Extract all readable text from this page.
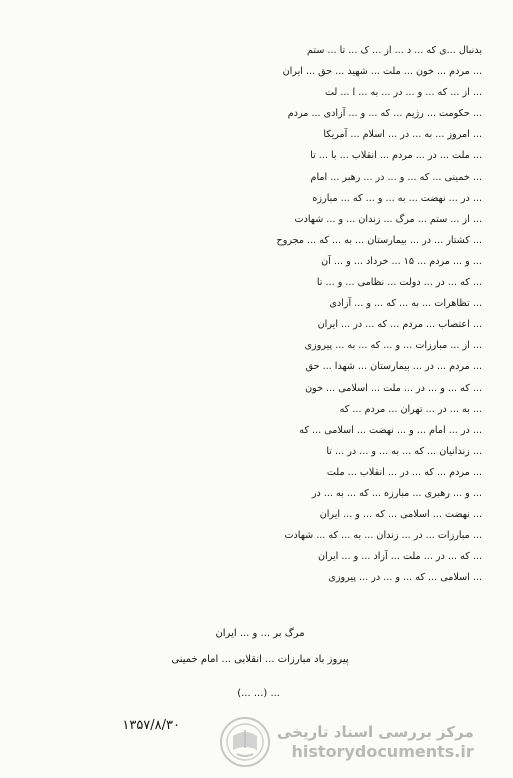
بدنبال ...ی که ... د ... از ... ک ... تا ... ستم
... مردم ... خون ... ملت ... شهید ... حق ... ایران
... از ... که ... و ... در ... به ... ا ... لت
... حکومت ... رژیم ... که ... و ... آزادی ... مردم
... امروز ... به ... در ... اسلام ... آمریکا
... ملت ... در ... مردم ... انقلاب ... با ... تا
... خمینی ... که ... و ... در ... رهبر ... امام
... در ... نهضت ... به ... و ... که ... مبارزه
... از ... ستم ... مرگ ... زندان ... و ... شهادت
... کشتار ... در ... بیمارستان ... به ... که ... مجروح
... و ... مردم ... ۱۵ ... خرداد ... و ... آن
... که ... در ... دولت ... نظامی ... و ... تا
... تظاهرات ... به ... که ... و ... آزادی
... اعتصاب ... مردم ... که ... در ... ایران
... از ... مبارزات ... و ... که ... به ... پیروزی
... مردم ... در ... بیمارستان ... شهدا ... حق
... که ... و ... در ... ملت ... اسلامی ... خون
... به ... در ... تهران ... مردم ... که
... در ... امام ... و ... نهضت ... اسلامی ... که
... زندانیان ... که ... به ... و ... در ... تا
... مردم ... که ... در ... انقلاب ... ملت
... و ... رهبری ... مبارزه ... که ... به ... در
... نهضت ... اسلامی ... که ... و ... ایران
... مبارزات ... در ... زندان ... به ... که ... شهادت
... که ... در ... ملت ... آزاد ... و ... ایران
... اسلامی ... که ... و ... در ... پیروزی
مرگ بر ... و ... ایران
پیروز باد مبارزات ... انقلابی ... امام خمینی
... (... ...)
۱۳۵۷/۸/۳۰	مرکز بررسی اسناد تاریخی
historydocuments.ir
